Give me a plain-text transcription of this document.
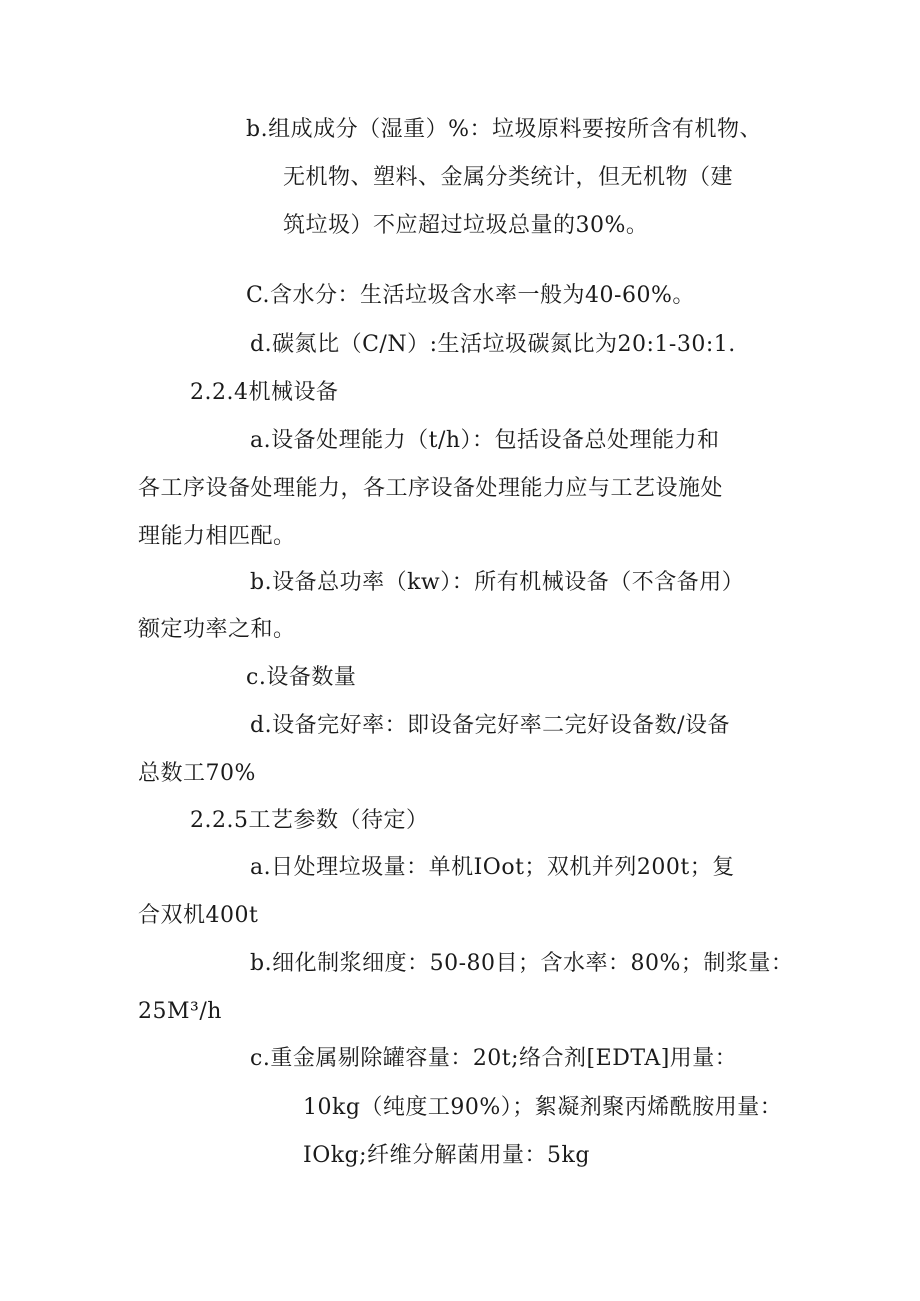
b.组成成分（湿重）%：垃圾原料要按所含有机物、
无机物、塑料、金属分类统计，但无机物（建
筑垃圾）不应超过垃圾总量的30%。
C.含水分：生活垃圾含水率一般为40-60%。
d.碳氮比（C/N）:生活垃圾碳氮比为20:1-30:1.
2.2.4机械设备
a.设备处理能力（t/h）：包括设备总处理能力和
各工序设备处理能力，各工序设备处理能力应与工艺设施处
理能力相匹配。
b.设备总功率（kw）：所有机械设备（不含备用）
额定功率之和。
c.设备数量
d.设备完好率：即设备完好率二完好设备数/设备
总数工70%
2.2.5工艺参数（待定）
a.日处理垃圾量：单机IOot；双机并列200t；复
合双机400t
b.细化制浆细度：50-80目；含水率：80%；制浆量：
25M³/h
c.重金属剔除罐容量：20t;络合剂[EDTA]用量：
10kg（纯度工90%）；絮凝剂聚丙烯酰胺用量：
IOkg;纤维分解菌用量：5kg
